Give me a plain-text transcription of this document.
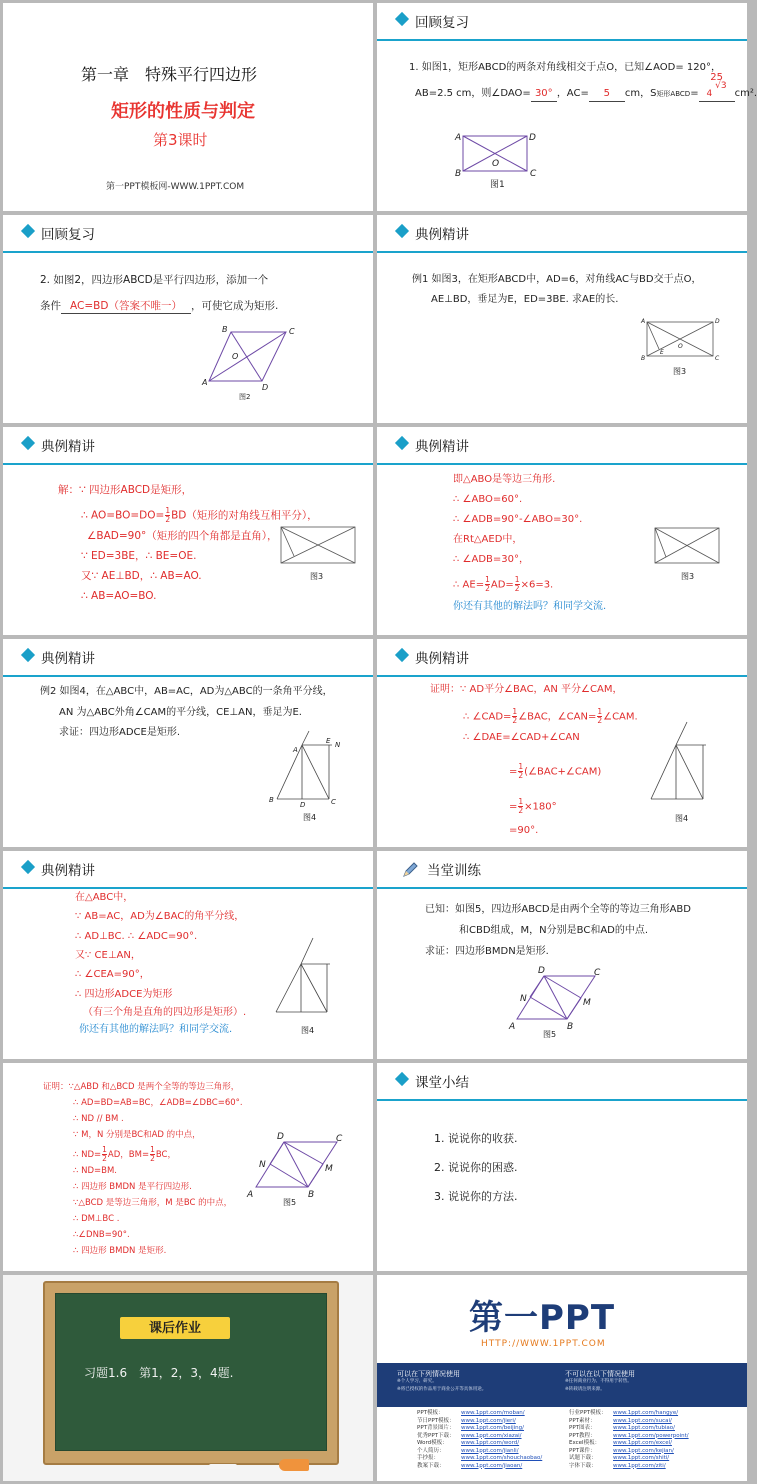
第一章　特殊平行四边形
矩形的性质与判定
第3课时
第一PPT模板网-WWW.1PPT.COM
回顾复习
1. 如图1，矩形ABCD的两条对角线相交于点O，已知∠AOD= 120°，
AB=2.5 cm，则∠DAO= 30° ，AC= 5 cm，S矩形ABCD=
25
4 √3cm².
A	D
B	C
O
图1
回顾复习
2. 如图2，四边形ABCD是平行四边形，添加一个
条件 AC=BD（答案不唯一） ，可使它成为矩形.
B	C
A
D
O
图2
典例精讲
例1 如图3，在矩形ABCD中，AD=6，对角线AC与BD交于点O，
AE⊥BD，垂足为E，ED=3BE. 求AE的长.
A	D
B	C
E
O
图3
典例精讲
解：∵ 四边形ABCD是矩形，
∴ $AO=BO=DO= \frac{1}{2} BD$（矩形的对角线互相平分），
∠BAD=90°（矩形的四个角都是直角），
∵ ED=3BE，∴ BE=OE.
又∵ AE⊥BD，∴ AB=AO.
∴ AB=AO=BO.
图3
典例精讲
即△ABO是等边三角形.
∴ ∠ABO=60°.
∴ ∠ADB=90°-∠ABO=30°.
在Rt△AED中，
∴ ∠ADB=30°，
∴ $AE= \frac{1}{2} AD= \frac{1}{2} \times 6=3$.
你还有其他的解法吗？和同学交流.
图3
典例精讲
例2 如图4，在△ABC中，AB=AC，AD为△ABC的一条角平分线，
AN 为△ABC外角∠CAM的平分线，CE⊥AN，垂足为E.
求证：四边形ADCE是矩形.
A
E N
B
D	C
图4
典例精讲
证明：∵ AD平分∠BAC，AN 平分∠CAM，
∴ ∠CAD= $\frac{1}{2}$ ∠BAC，∠CAN= $\frac{1}{2}$ ∠CAM.
∴ ∠DAE=∠CAD+∠CAN
= $\frac{1}{2}$ (∠BAC+∠CAM)
= $\frac{1}{2} \times 180^\circ$
=90°.
图4
典例精讲
在△ABC中，
∵ AB=AC，AD为∠BAC的角平分线，
∴ AD⊥BC. ∴ ∠ADC=90°.
又∵ CE⊥AN，
∴ ∠CEA=90°，
∴ 四边形ADCE为矩形
（有三个角是直角的四边形是矩形）.
你还有其他的解法吗？和同学交流.	图4
当堂训练
已知：如图5，四边形ABCD是由两个全等的等边三角形ABD
和CBD组成，M，N分别是BC和AD的中点.
求证：四边形BMDN是矩形.
D	C
N	M
A	B
图5
证明：∵△ABD 和△BCD 是两个全等的等边三角形，
∴ AD=BD=AB=BC，∠ADB=∠DBC=60°.
∴ ND // BM .
∵ M，N 分别是BC和AD 的中点，
∴ $ND= \frac{1}{2}$ AD，$BM= \frac{1}{2}$ BC，
∴ ND=BM.
∴ 四边形 BMDN 是平行四边形.
∵△BCD 是等边三角形，M 是BC 的中点，
∴ DM⊥BC .
∴∠DNB=90°.
∴ 四边形 BMDN 是矩形.
D	C
N	M
A	B
图5
课堂小结
1. 说说你的收获.
2. 说说你的困惑.
3. 说说你的方法.
课后作业
习题1.6　第1，2，3，4题.
第一PPT
HTTP://WWW.1PPT.COM
可以在下列情况使用
※个人学习、研究。
※将已授权的作品用于商业公开等具体用途。
不可以在以下情况使用
※任何商业行为、不得用于转售。
※转载请注明来源。
PPT模板：	www.1ppt.com/moban/
节日PPT模板： www.1ppt.com/jieri/
PPT背景图片： www.1ppt.com/beijing/
优秀PPT下载： www.1ppt.com/xiazai/
Word模板： www.1ppt.com/word/
个人简历：	www.1ppt.com/jianli/
手抄报：	www.1ppt.com/shouchaobao/
教案下载：	www.1ppt.com/jiaoan/
行业PPT模板： www.1ppt.com/hangye/
PPT素材：	www.1ppt.com/sucai/
PPT图表：	www.1ppt.com/tubiao/
PPT教程：	www.1ppt.com/powerpoint/
Excel模板： www.1ppt.com/excel/
PPT课件：	www.1ppt.com/kejian/
试题下载：	www.1ppt.com/shiti/
字体下载：	www.1ppt.com/ziti/
